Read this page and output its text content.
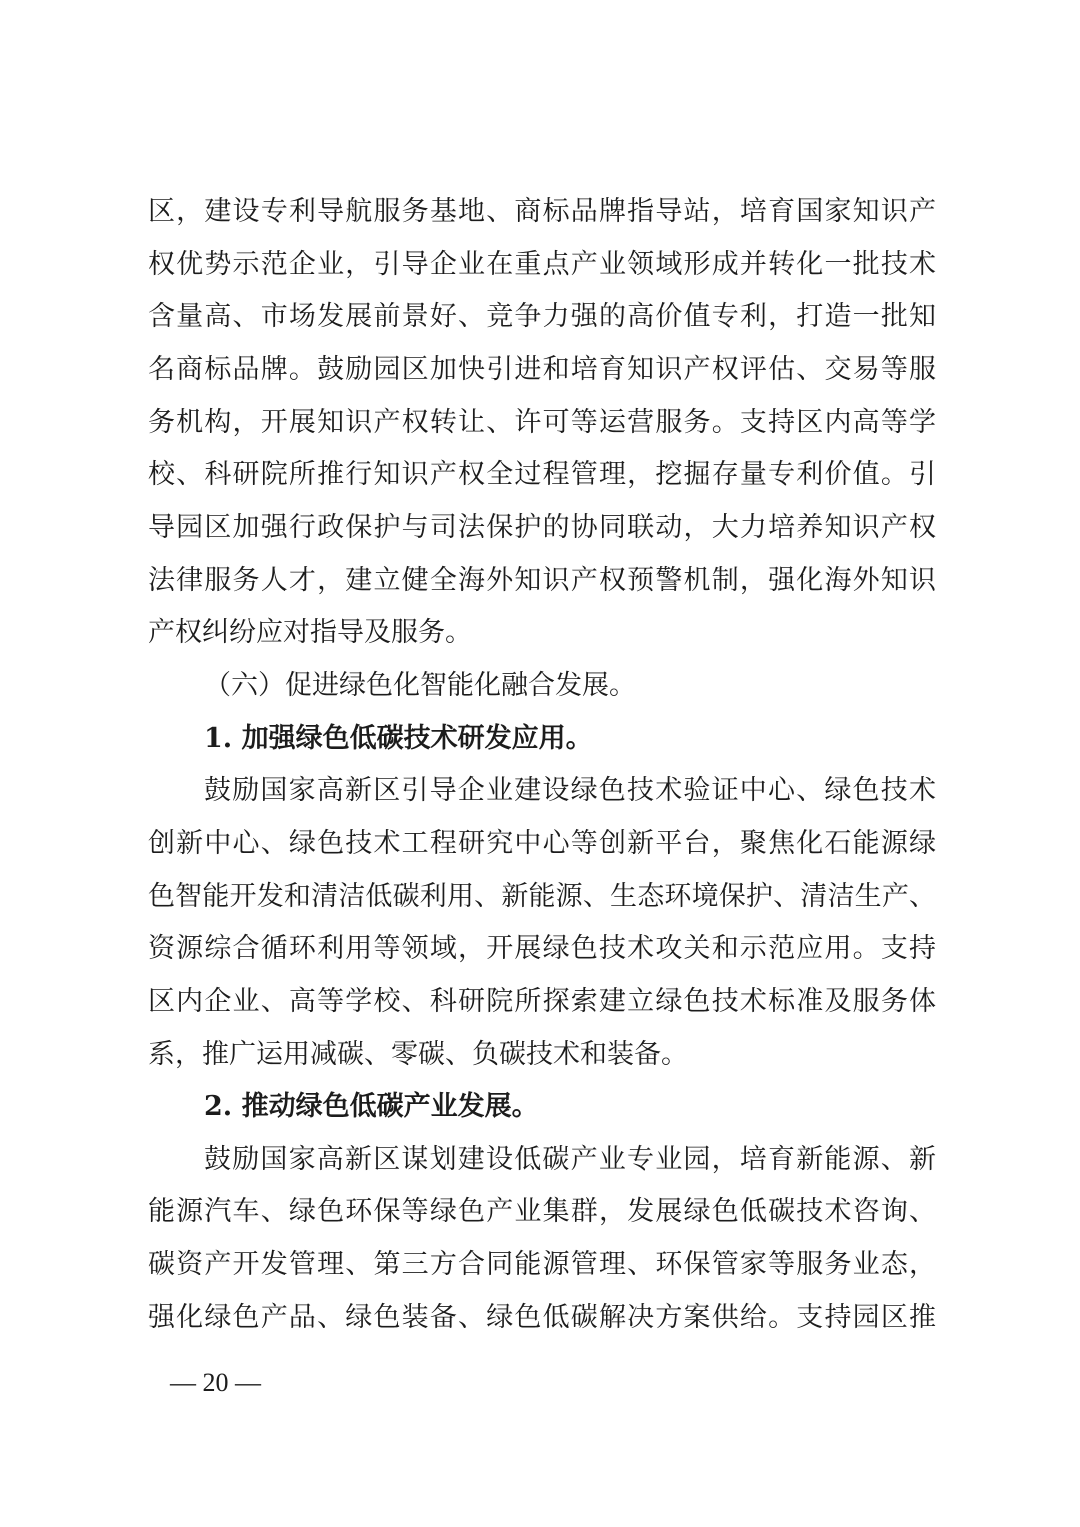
区，建设专利导航服务基地、商标品牌指导站，培育国家知识产
权优势示范企业，引导企业在重点产业领域形成并转化一批技术
含量高、市场发展前景好、竞争力强的高价值专利，打造一批知
名商标品牌。鼓励园区加快引进和培育知识产权评估、交易等服
务机构，开展知识产权转让、许可等运营服务。支持区内高等学
校、科研院所推行知识产权全过程管理，挖掘存量专利价值。引
导园区加强行政保护与司法保护的协同联动，大力培养知识产权
法律服务人才，建立健全海外知识产权预警机制，强化海外知识
产权纠纷应对指导及服务。
（六）促进绿色化智能化融合发展。
1. 加强绿色低碳技术研发应用。
鼓励国家高新区引导企业建设绿色技术验证中心、绿色技术
创新中心、绿色技术工程研究中心等创新平台，聚焦化石能源绿
色智能开发和清洁低碳利用、新能源、生态环境保护、清洁生产、
资源综合循环利用等领域，开展绿色技术攻关和示范应用。支持
区内企业、高等学校、科研院所探索建立绿色技术标准及服务体
系，推广运用减碳、零碳、负碳技术和装备。
2. 推动绿色低碳产业发展。
鼓励国家高新区谋划建设低碳产业专业园，培育新能源、新
能源汽车、绿色环保等绿色产业集群，发展绿色低碳技术咨询、
碳资产开发管理、第三方合同能源管理、环保管家等服务业态，
强化绿色产品、绿色装备、绿色低碳解决方案供给。支持园区推
— 20 —
